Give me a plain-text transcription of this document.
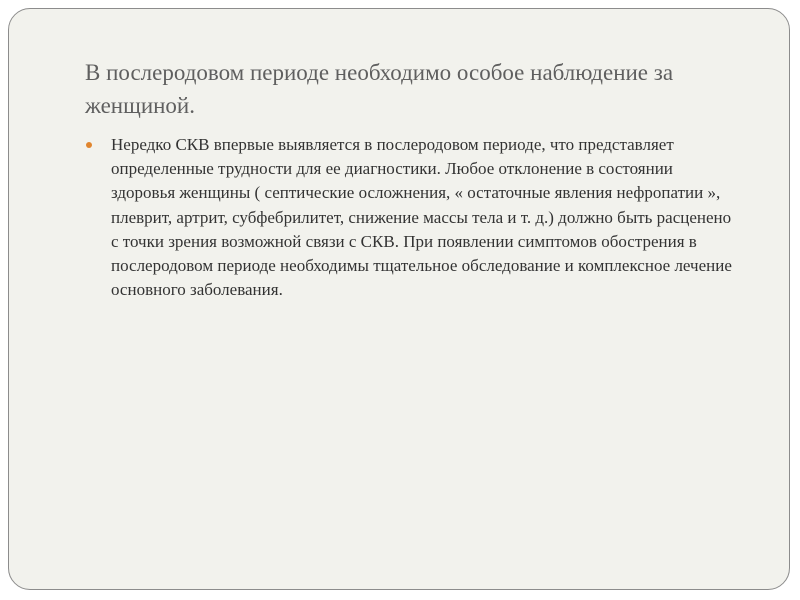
В послеродовом периоде необходимо особое наблюдение за женщиной.

Нередко СКВ впервые выявляется в послеродовом периоде, что представляет определенные трудности для ее диагностики. Любое отклонение в состоянии здоровья женщины ( септические осложнения, « остаточные явления нефропатии », плеврит, артрит, субфебрилитет, снижение массы тела и т. д.) должно быть расценено с точки зрения возможной связи с СКВ. При появлении симптомов обострения в послеродовом периоде необходимы тщательное обследование и комплексное лечение основного заболевания.
